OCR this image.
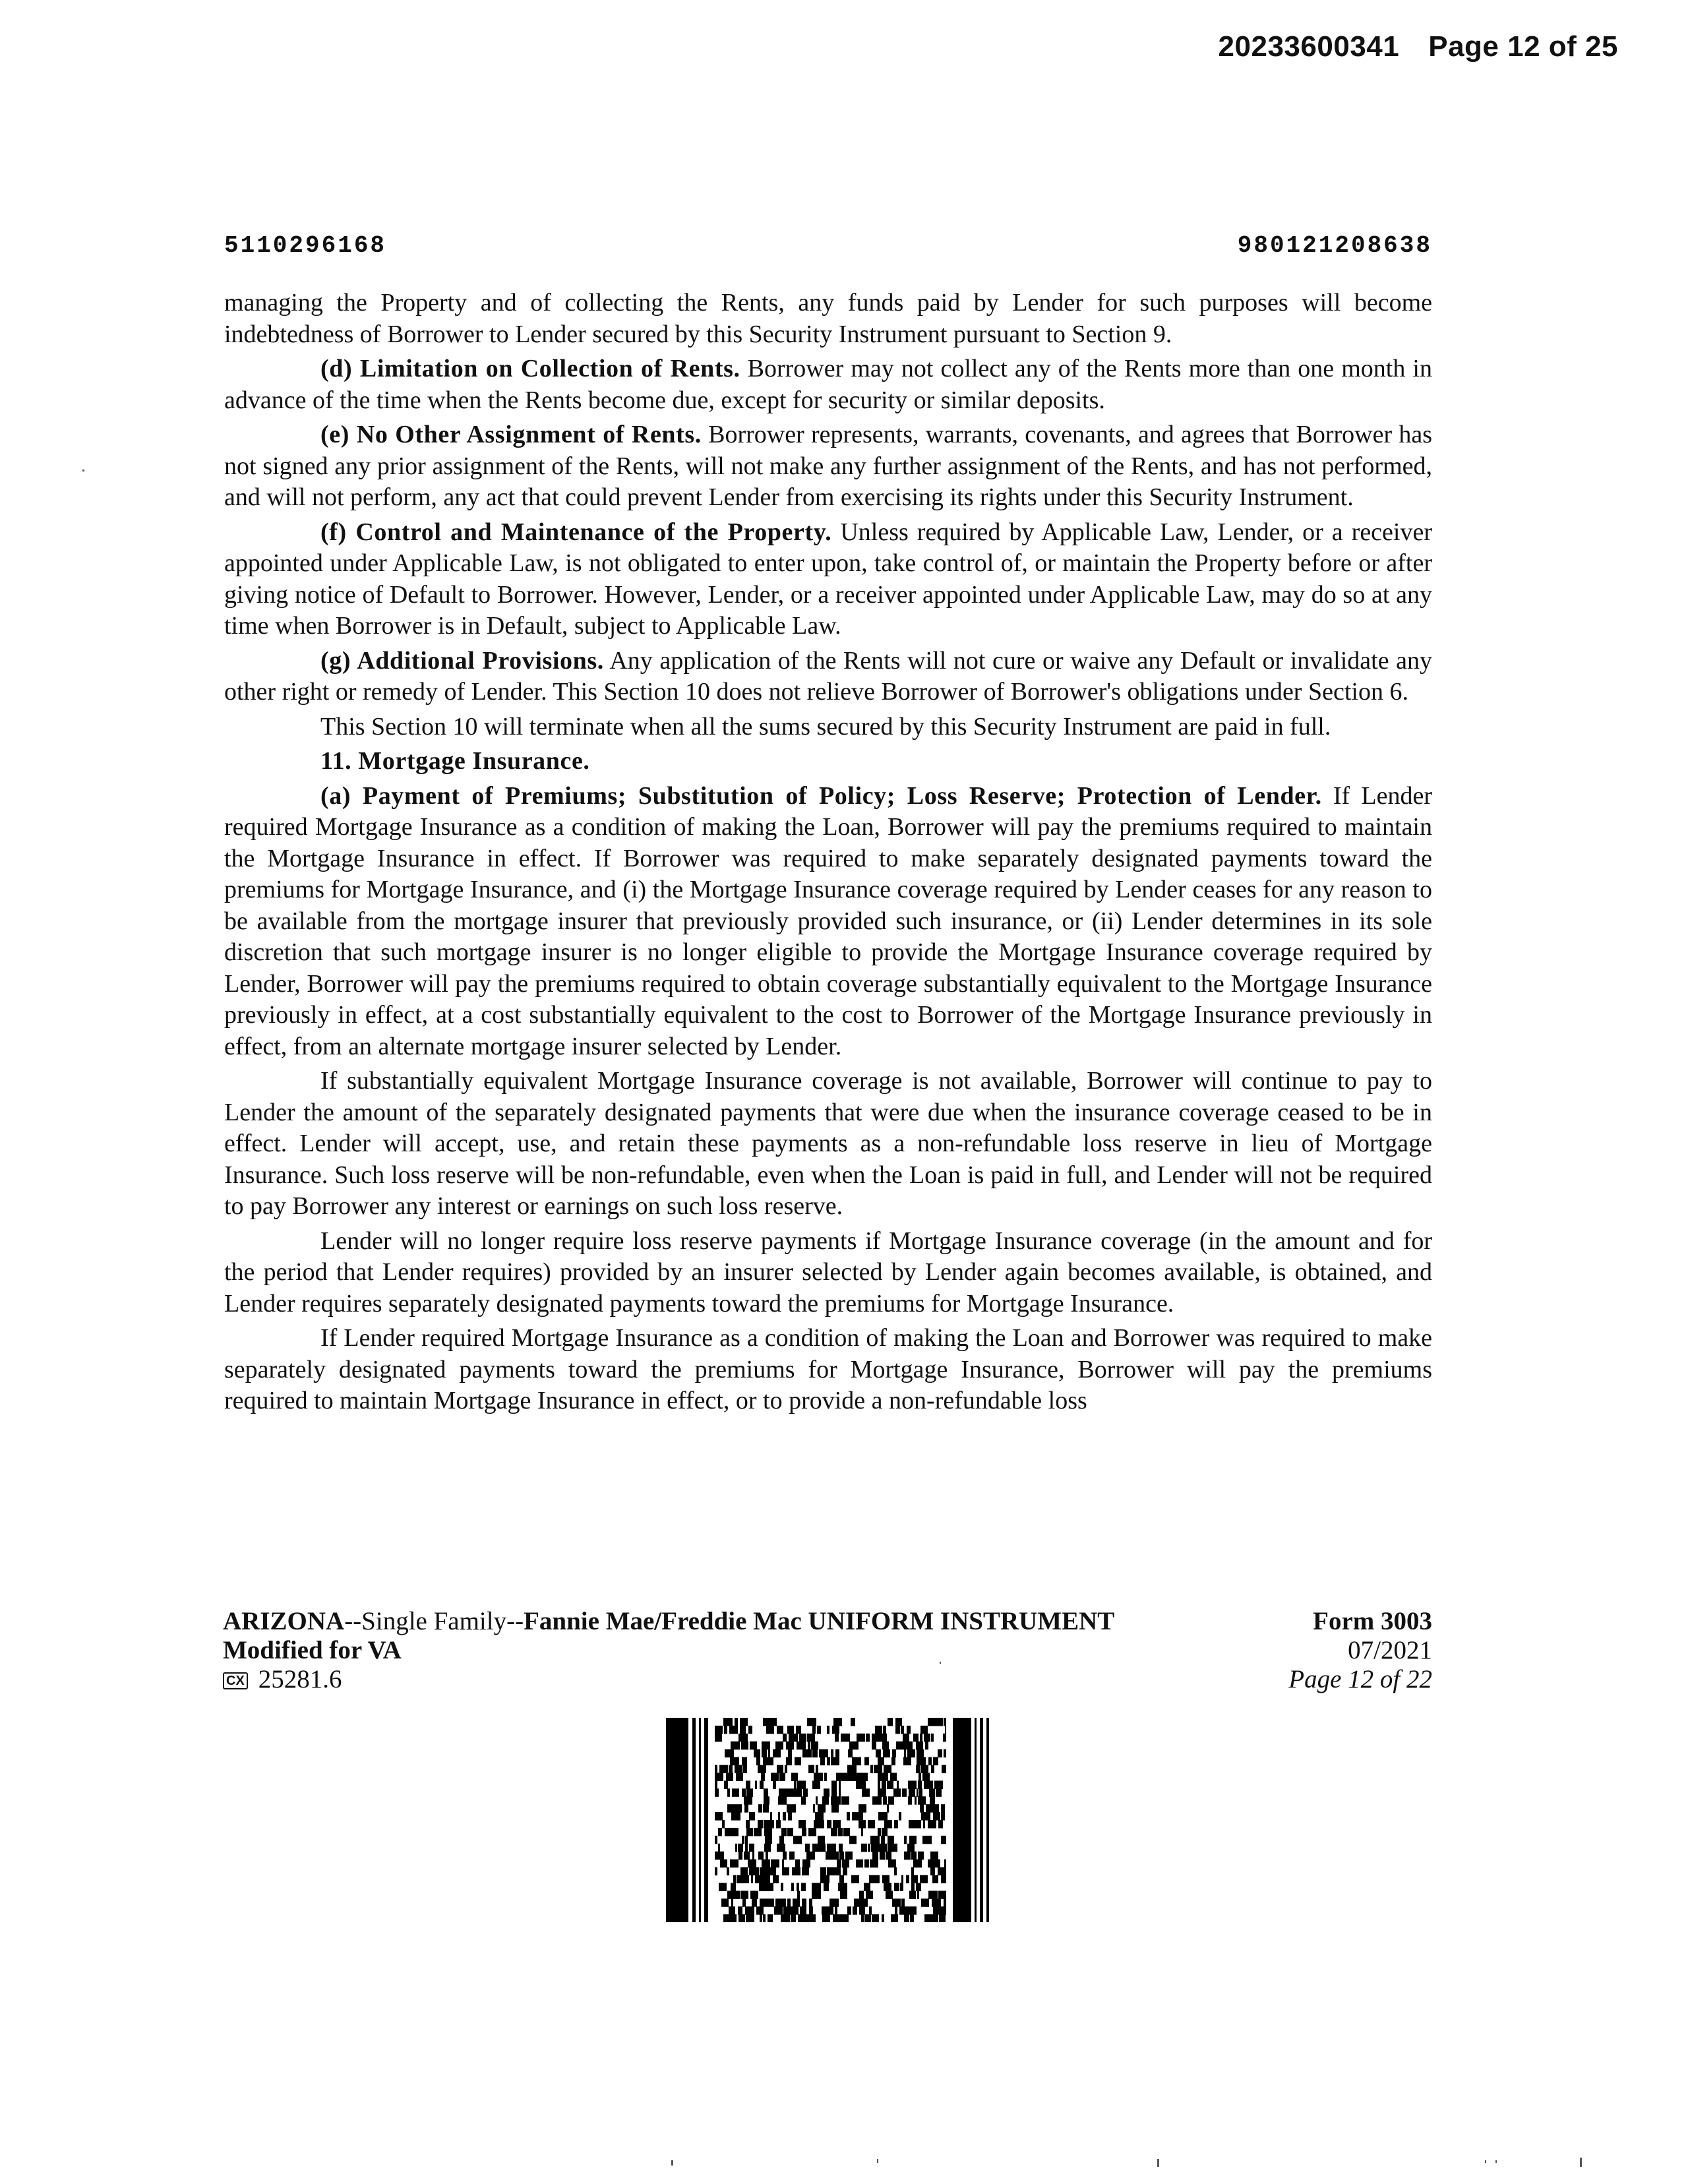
20233600341 Page 12 of 25
5110296168	980121208638

managing the Property and of collecting the Rents, any funds paid by Lender for such purposes will become indebtedness of Borrower to Lender secured by this Security Instrument pursuant to Section 9.

(d) Limitation on Collection of Rents. Borrower may not collect any of the Rents more than one month in advance of the time when the Rents become due, except for security or similar deposits.

(e) No Other Assignment of Rents. Borrower represents, warrants, covenants, and agrees that Borrower has not signed any prior assignment of the Rents, will not make any further assignment of the Rents, and has not performed, and will not perform, any act that could prevent Lender from exercising its rights under this Security Instrument.

(f) Control and Maintenance of the Property. Unless required by Applicable Law, Lender, or a receiver appointed under Applicable Law, is not obligated to enter upon, take control of, or maintain the Property before or after giving notice of Default to Borrower. However, Lender, or a receiver appointed under Applicable Law, may do so at any time when Borrower is in Default, subject to Applicable Law.

(g) Additional Provisions. Any application of the Rents will not cure or waive any Default or invalidate any other right or remedy of Lender. This Section 10 does not relieve Borrower of Borrower's obligations under Section 6.

This Section 10 will terminate when all the sums secured by this Security Instrument are paid in full.

11. Mortgage Insurance.

(a) Payment of Premiums; Substitution of Policy; Loss Reserve; Protection of Lender. If Lender required Mortgage Insurance as a condition of making the Loan, Borrower will pay the premiums required to maintain the Mortgage Insurance in effect. If Borrower was required to make separately designated payments toward the premiums for Mortgage Insurance, and (i) the Mortgage Insurance coverage required by Lender ceases for any reason to be available from the mortgage insurer that previously provided such insurance, or (ii) Lender determines in its sole discretion that such mortgage insurer is no longer eligible to provide the Mortgage Insurance coverage required by Lender, Borrower will pay the premiums required to obtain coverage substantially equivalent to the Mortgage Insurance previously in effect, at a cost substantially equivalent to the cost to Borrower of the Mortgage Insurance previously in effect, from an alternate mortgage insurer selected by Lender.

If substantially equivalent Mortgage Insurance coverage is not available, Borrower will continue to pay to Lender the amount of the separately designated payments that were due when the insurance coverage ceased to be in effect. Lender will accept, use, and retain these payments as a non-refundable loss reserve in lieu of Mortgage Insurance. Such loss reserve will be non-refundable, even when the Loan is paid in full, and Lender will not be required to pay Borrower any interest or earnings on such loss reserve.

Lender will no longer require loss reserve payments if Mortgage Insurance coverage (in the amount and for the period that Lender requires) provided by an insurer selected by Lender again becomes available, is obtained, and Lender requires separately designated payments toward the premiums for Mortgage Insurance.

If Lender required Mortgage Insurance as a condition of making the Loan and Borrower was required to make separately designated payments toward the premiums for Mortgage Insurance, Borrower will pay the premiums required to maintain Mortgage Insurance in effect, or to provide a non-refundable loss

ARIZONA--Single Family--Fannie Mae/Freddie Mac UNIFORM INSTRUMENT
Modified for VA
CX 25281.6
Form 3003
07/2021
Page 12 of 22
